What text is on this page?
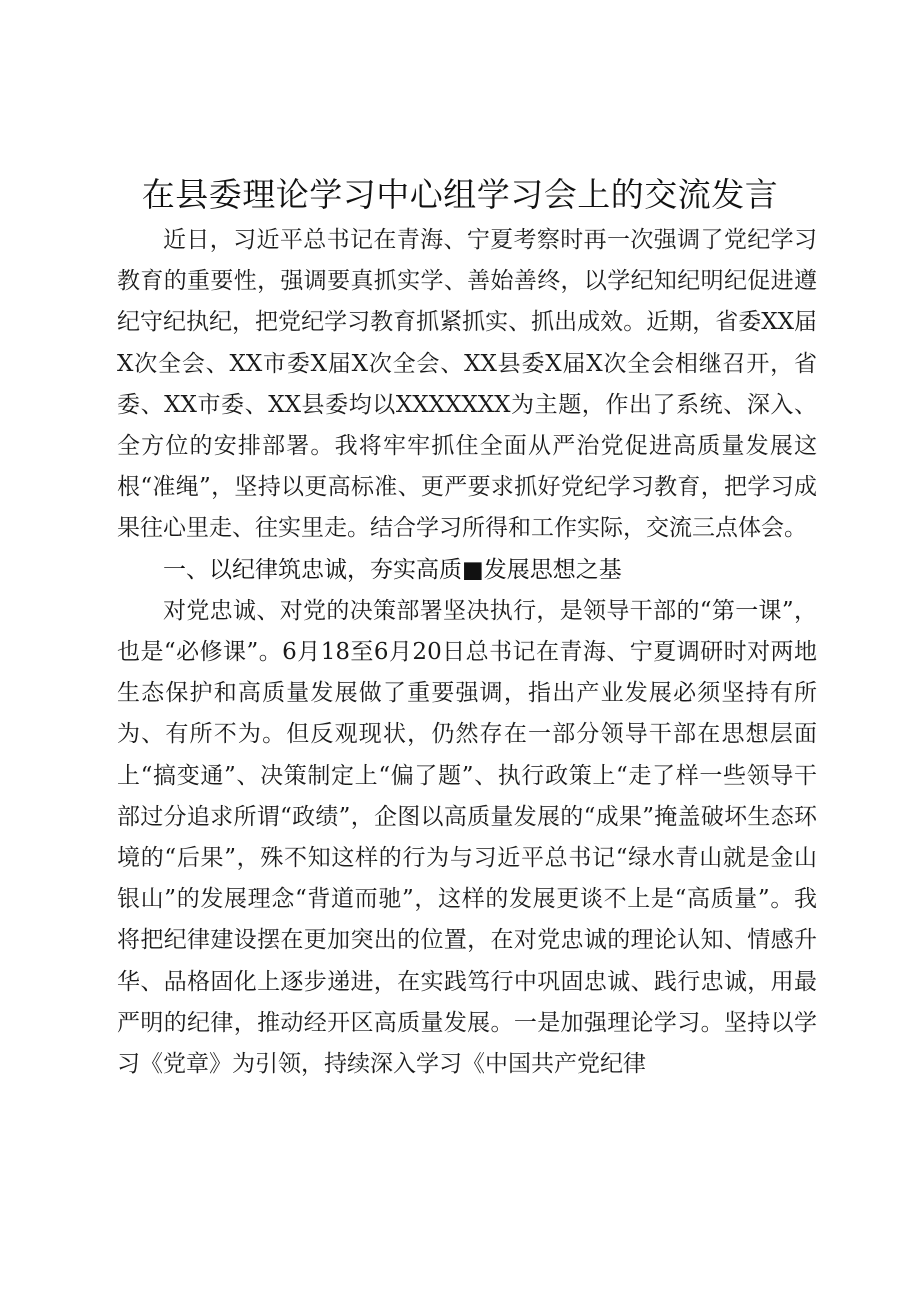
在县委理论学习中心组学习会上的交流发言

近日，习近平总书记在青海、宁夏考察时再一次强调了党纪学习教育的重要性，强调要真抓实学、善始善终，以学纪知纪明纪促进遵纪守纪执纪，把党纪学习教育抓紧抓实、抓出成效。近期，省委XX届X次全会、XX市委X届X次全会、XX县委X届X次全会相继召开，省委、XX市委、XX县委均以XXXXXXX为主题，作出了系统、深入、全方位的安排部署。我将牢牢抓住全面从严治党促进高质量发展这根“准绳”，坚持以更高标准、更严要求抓好党纪学习教育，把学习成果往心里走、往实里走。结合学习所得和工作实际，交流三点体会。

一、以纪律筑忠诚，夯实高质■发展思想之基

对党忠诚、对党的决策部署坚决执行，是领导干部的“第一课”，也是“必修课”。6月18至6月20日总书记在青海、宁夏调研时对两地生态保护和高质量发展做了重要强调，指出产业发展必须坚持有所为、有所不为。但反观现状，仍然存在一部分领导干部在思想层面上“搞变通”、决策制定上“偏了题”、执行政策上“走了样一些领导干部过分追求所谓“政绩”，企图以高质量发展的“成果”掩盖破坏生态环境的“后果”，殊不知这样的行为与习近平总书记“绿水青山就是金山银山”的发展理念“背道而驰”，这样的发展更谈不上是“高质量”。我将把纪律建设摆在更加突出的位置，在对党忠诚的理论认知、情感升华、品格固化上逐步递进，在实践笃行中巩固忠诚、践行忠诚，用最严明的纪律，推动经开区高质量发展。一是加强理论学习。坚持以学习《党章》为引领，持续深入学习《中国共产党纪律
